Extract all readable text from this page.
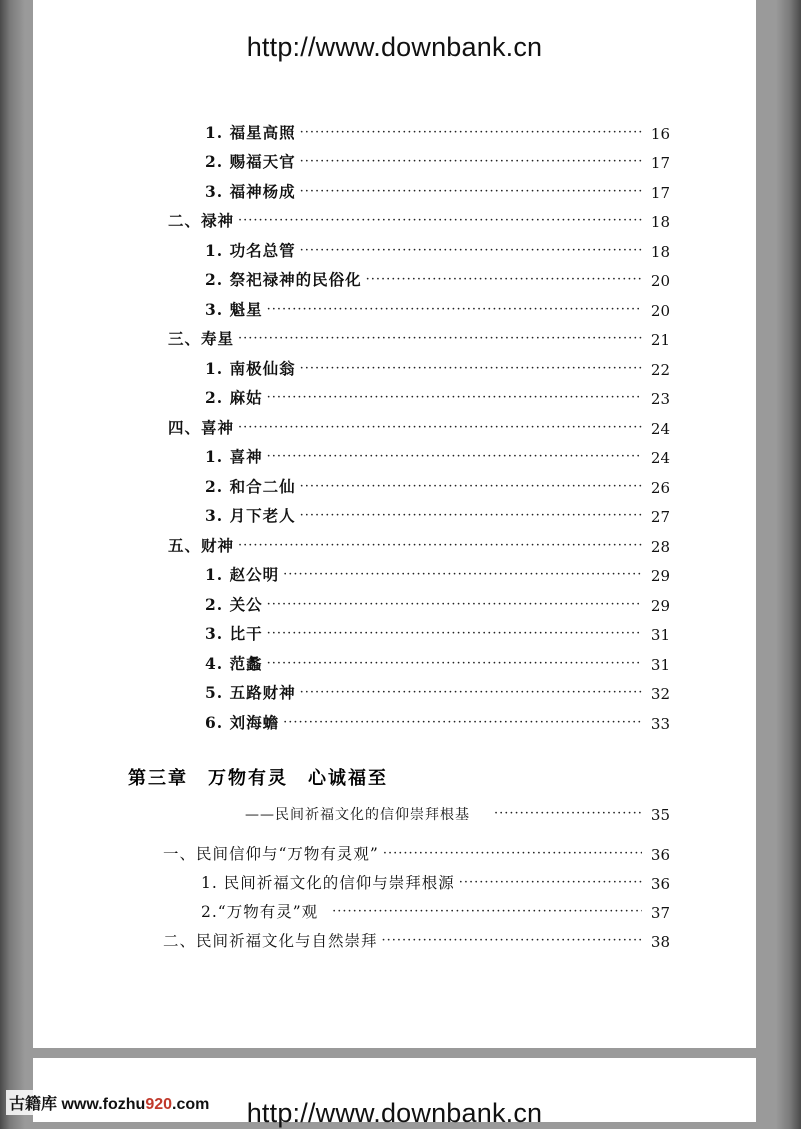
http://www.downbank.cn
1. 福星高照 ·····	16
2. 赐福天官 ·····	17
3. 福神杨成 ·····	17
二、禄神 ·····	18
1. 功名总管 ·····	18
2. 祭祀禄神的民俗化 ·····	20
3. 魁星 ·····	20
三、寿星 ·····	21
1. 南极仙翁 ·····	22
2. 麻姑 ·····	23
四、喜神 ·····	24
1. 喜神 ·····	24
2. 和合二仙 ·····	26
3. 月下老人 ·····	27
五、财神 ·····	28
1. 赵公明 ·····	29
2. 关公 ·····	29
3. 比干 ·····	31
4. 范蠡 ·····	31
5. 五路财神 ·····	32
6. 刘海蟾 ·····	33
第三章　万物有灵　心诚福至
——民间祈福文化的信仰崇拜根基 ·····	35
一、民间信仰与“万物有灵观” ·····	36
1. 民间祈福文化的信仰与崇拜根源 ·····	36
2.“万物有灵”观 ·····	37
二、民间祈福文化与自然崇拜 ·····	38
http://www.downbank.cn
古籍库 www.fozhu920.com
